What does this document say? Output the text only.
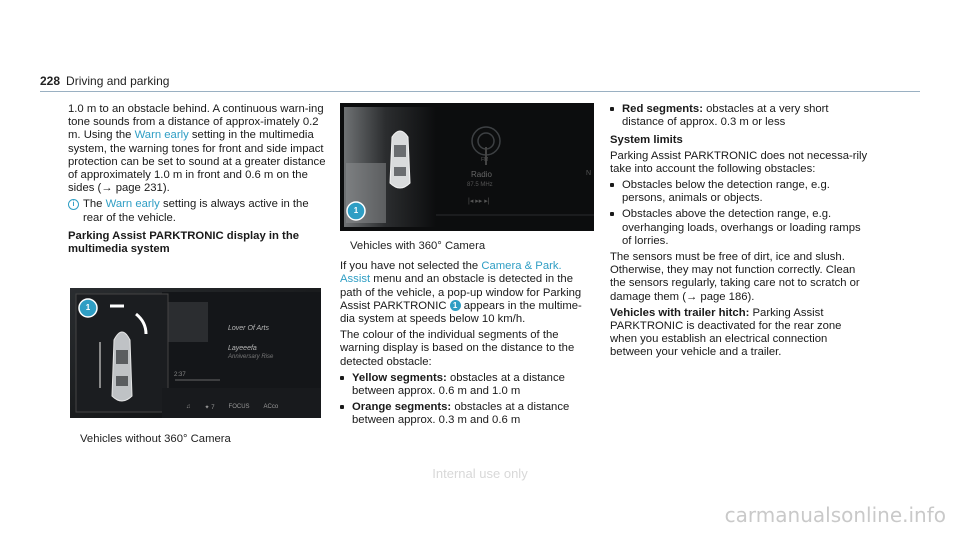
228 Driving and parking

1.0 m to an obstacle behind. A continuous warn-ing tone sounds from a distance of approx-imately 0.2 m. Using the Warn early setting in the multimedia system, the warning tones for front and side impact protection can be set to sound at a greater distance of approximately 1.0 m in front and 0.6 m on the sides (→ page 231).

i The Warn early setting is always active in the rear of the vehicle.

Parking Assist PARKTRONIC display in the multimedia system
1
Lover Of Arts
Layeeefa
Anniversary Rise
2:37
♫ ✦ 7 FOCUS ACco
Vehicles without 360° Camera
|◂ ▸▸ ▸|
1
Radio
87.5 MHz
FM
N

Vehicles with 360° Camera

If you have not selected the Camera & Park. Assist menu and an obstacle is detected in the path of the vehicle, a pop-up window for Parking Assist PARKTRONIC 1 appears in the multime-dia system at speeds below 10 km/h.

The colour of the individual segments of the warning display is based on the distance to the detected obstacle:

Yellow segments: obstacles at a distance between approx. 0.6 m and 1.0 m
Orange segments: obstacles at a distance between approx. 0.3 m and 0.6 m
Red segments: obstacles at a very short distance of approx. 0.3 m or less
System limits

Parking Assist PARKTRONIC does not necessa-rily take into account the following obstacles:

Obstacles below the detection range, e.g. persons, animals or objects.
Obstacles above the detection range, e.g. overhanging loads, overhangs or loading ramps of lorries.

The sensors must be free of dirt, ice and slush. Otherwise, they may not function correctly. Clean the sensors regularly, taking care not to scratch or damage them (→ page 186).

Vehicles with trailer hitch: Parking Assist PARKTRONIC is deactivated for the rear zone when you establish an electrical connection between your vehicle and a trailer.

Internal use only
carmanualsonline.info
